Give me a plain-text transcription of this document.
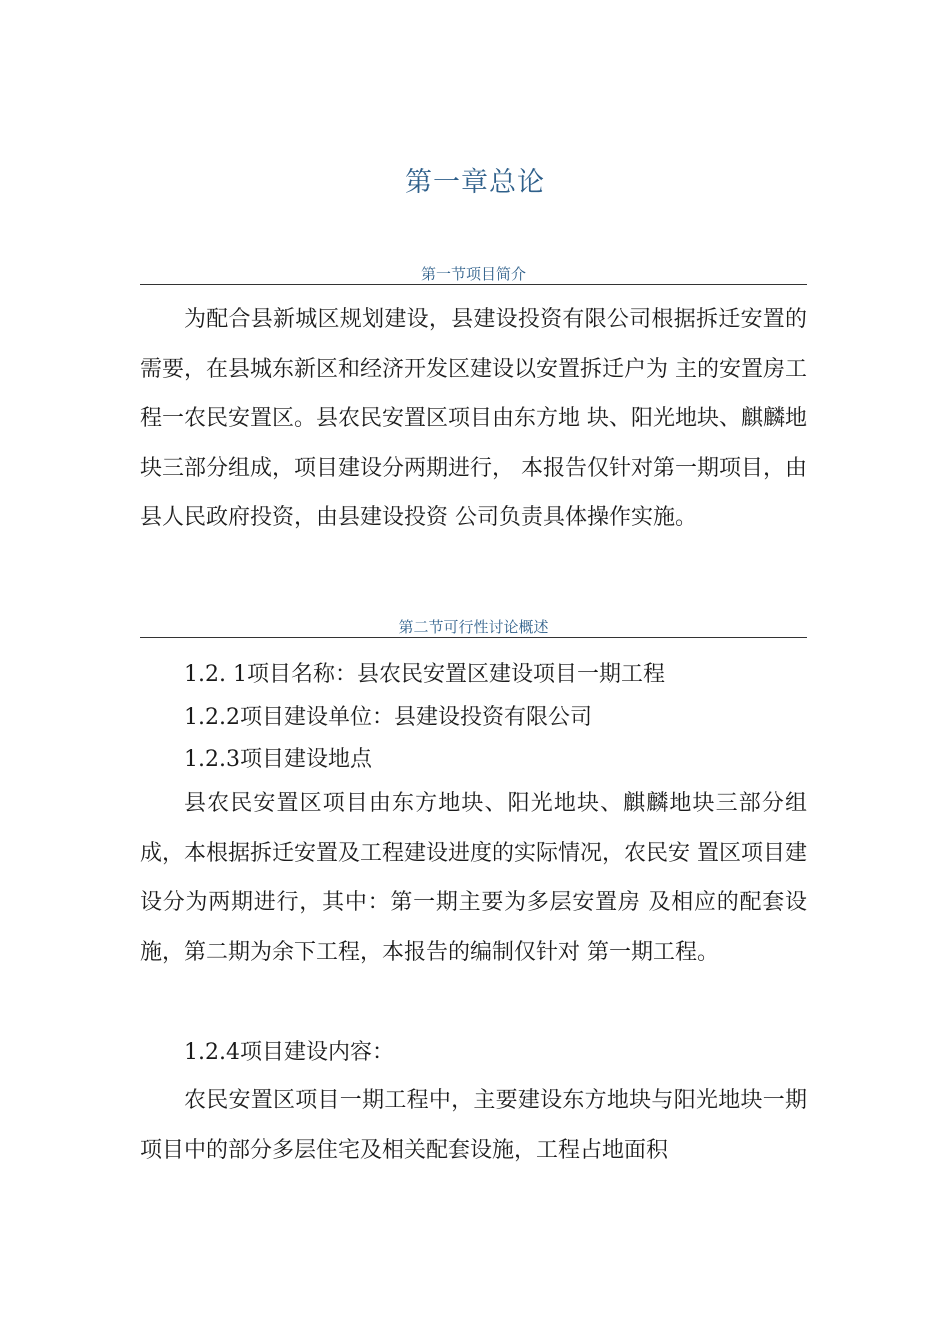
第一章总论
第一节项目简介
为配合县新城区规划建设，县建设投资有限公司根据拆迁安置的需要，在县城东新区和经济开发区建设以安置拆迁户为 主的安置房工程一农民安置区。县农民安置区项目由东方地 块、阳光地块、麒麟地块三部分组成，项目建设分两期进行， 本报告仅针对第一期项目，由县人民政府投资，由县建设投资 公司负责具体操作实施。
第二节可行性讨论概述
1.2. 1项目名称：县农民安置区建设项目一期工程
1.2.2项目建设单位：县建设投资有限公司
1.2.3项目建设地点
县农民安置区项目由东方地块、阳光地块、麒麟地块三部分组成，本根据拆迁安置及工程建设进度的实际情况，农民安 置区项目建设分为两期进行，其中：第一期主要为多层安置房 及相应的配套设施，第二期为余下工程，本报告的编制仅针对 第一期工程。
1.2.4项目建设内容：
农民安置区项目一期工程中，主要建设东方地块与阳光地块一期项目中的部分多层住宅及相关配套设施，工程占地面积
